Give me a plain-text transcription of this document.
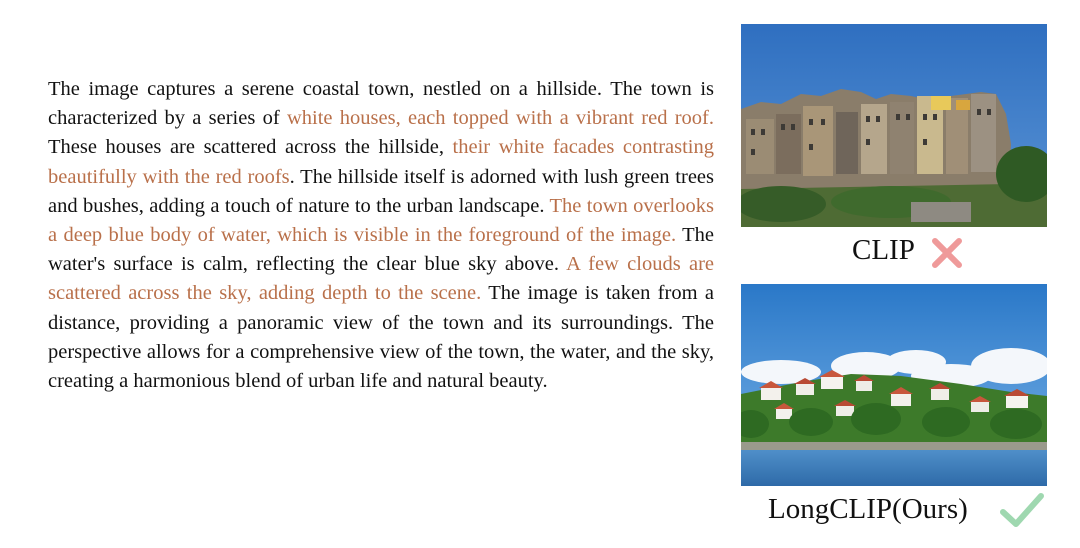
The image captures a serene coastal town, nestled on a hillside. The town is characterized by a series of white houses, each topped with a vibrant red roof. These houses are scattered across the hillside, their white facades contrasting beautifully with the red roofs. The hillside itself is adorned with lush green trees and bushes, adding a touch of nature to the urban landscape. The town overlooks a deep blue body of water, which is visible in the foreground of the image. The water's surface is calm, reflecting the clear blue sky above. A few clouds are scattered across the sky, adding depth to the scene. The image is taken from a distance, providing a panoramic view of the town and its surroundings. The perspective allows for a comprehensive view of the town, the water, and the sky, creating a harmonious blend of urban life and natural beauty.
CLIP
LongCLIP(Ours)
